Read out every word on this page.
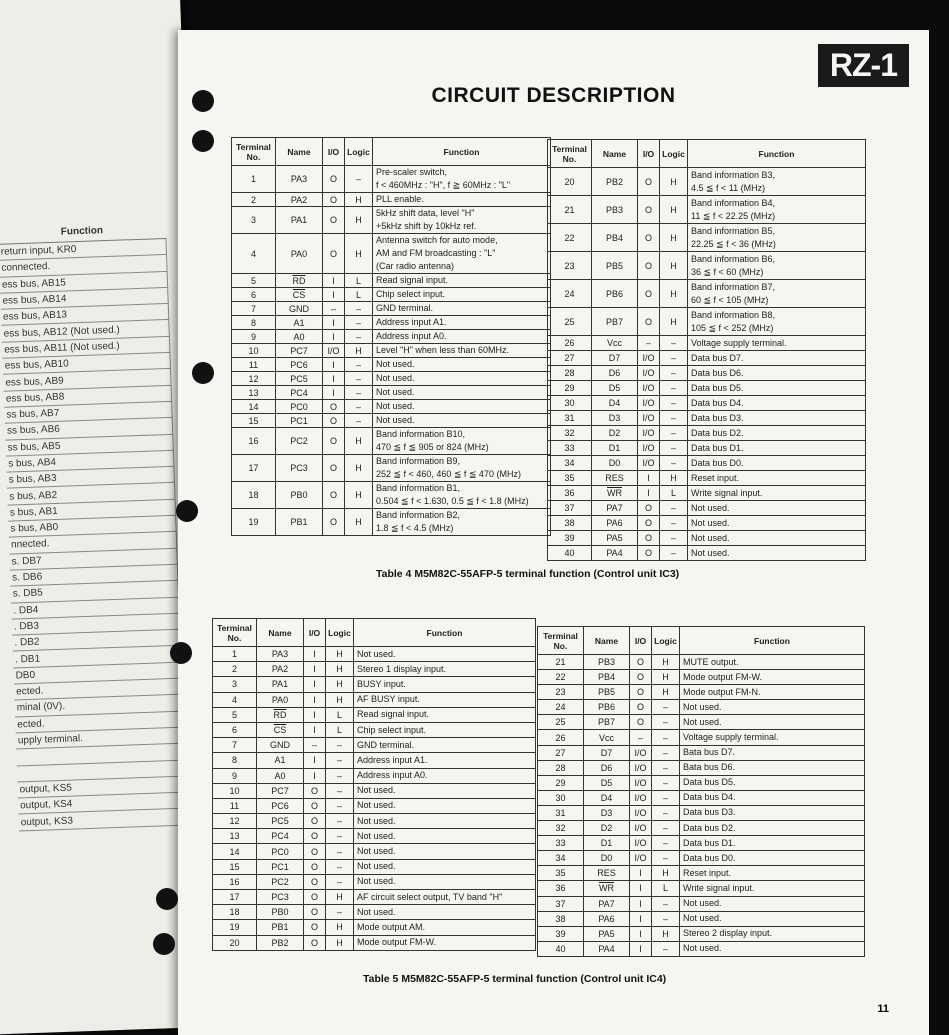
Function
return input, KR0
connected.
ess bus, AB15
ess bus, AB14
ess bus, AB13
ess bus, AB12 (Not used.)
ess bus, AB11 (Not used.)
ess bus, AB10
ess bus, AB9
ess bus, AB8
ss bus, AB7
ss bus, AB6
ss bus, AB5
s bus, AB4
s bus, AB3
s bus, AB2
s bus, AB1
s bus, AB0
nnected.
s. DB7
s. DB6
s. DB5
. DB4
. DB3
. DB2
. DB1
DB0
ected.
minal (0V).
ected.
upply terminal.

output, KS5
output, KS4
output, KS3
RZ-1
CIRCUIT DESCRIPTION
Terminal
No.	Name	I/O	Logic	Function
1	PA3	O	–	Pre-scaler switch,
f < 460MHz : "H", f ≧ 60MHz : "L"

2	PA2	O	H	PLL enable.

3	PA1	O	H	5kHz shift data, level "H"
+5kHz shift by 10kHz ref.

4	PA0	O	H	Antenna switch for auto mode,
AM and FM broadcasting : "L"
(Car radio antenna)

5	$\overline{RD}$	I	L	Read signal input.

6	$\overline{CS}$	I	L	Chip select input.

7	GND	–	–	GND terminal.

8	A1	I	–	Address input A1.

9	A0	I	–	Address input A0.

10	PC7	I/O	H	Level "H" when less than 60MHz.

11	PC6	I	–	Not used.

12	PC5	I	–	Not used.

13	PC4	I	–	Not used.

14	PC0	O	–	Not used.

15	PC1	O	–	Not used.

16	PC2	O	H	Band information B10,
470 ≦ f ≦ 905 or 824 (MHz)

17	PC3	O	H	Band information B9,
252 ≦ f < 460, 460 ≦ f ≦ 470 (MHz)

18	PB0	O	H	Band information B1,
0.504 ≦ f < 1.630, 0.5 ≦ f < 1.8 (MHz)

19	PB1	O	H	Band information B2,
1.8 ≦ f < 4.5 (MHz)
Terminal
No.	Name	I/O	Logic	Function
20	PB2	O	H	Band information B3,
4.5 ≦ f < 11 (MHz)

21	PB3	O	H	Band information B4,
11 ≦ f < 22.25 (MHz)

22	PB4	O	H	Band information B5,
22.25 ≦ f < 36 (MHz)

23	PB5	O	H	Band information B6,
36 ≦ f < 60 (MHz)

24	PB6	O	H	Band information B7,
60 ≦ f < 105 (MHz)

25	PB7	O	H	Band information B8,
105 ≦ f < 252 (MHz)

26	Vcc	–	–	Voltage supply terminal.

27	D7	I/O	–	Data bus D7.

28	D6	I/O	–	Data bus D6.

29	D5	I/O	–	Data bus D5.

30	D4	I/O	–	Data bus D4.

31	D3	I/O	–	Data bus D3.

32	D2	I/O	–	Data bus D2.

33	D1	I/O	–	Data bus D1.

34	D0	I/O	–	Data bus D0.

35	RES	I	H	Reset input.

36	$\overline{WR}$	I	L	Write signal input.

37	PA7	O	–	Not used.

38	PA6	O	–	Not used.

39	PA5	O	–	Not used.

40	PA4	O	–	Not used.
Table 4 M5M82C-55AFP-5 terminal function (Control unit IC3)
Terminal
No.	Name	I/O	Logic	Function
1	PA3	I	H	Not used.

2	PA2	I	H	Stereo 1 display input.

3	PA1	I	H	BUSY input.

4	PA0	I	H	AF BUSY input.

5	$\overline{RD}$	I	L	Read signal input.

6	$\overline{CS}$	I	L	Chip select input.

7	GND	–	–	GND terminal.

8	A1	I	–	Address input A1.

9	A0	I	–	Address input A0.

10	PC7	O	–	Not used.

11	PC6	O	–	Not used.

12	PC5	O	–	Not used.

13	PC4	O	–	Not used.

14	PC0	O	–	Not used.

15	PC1	O	–	Not used.

16	PC2	O	–	Not used.

17	PC3	O	H	AF circuit select output, TV band "H"

18	PB0	O	–	Not used.

19	PB1	O	H	Mode output AM.

20	PB2	O	H	Mode output FM-W.
Terminal
No.	Name	I/O	Logic	Function
21	PB3	O	H	MUTE output.

22	PB4	O	H	Mode output FM-W.

23	PB5	O	H	Mode output FM-N.

24	PB6	O	–	Not used.

25	PB7	O	–	Not used.

26	Vcc	–	–	Voltage supply terminal.

27	D7	I/O	–	Bata bus D7.

28	D6	I/O	–	Bata bus D6.

29	D5	I/O	–	Data bus D5.

30	D4	I/O	–	Data bus D4.

31	D3	I/O	–	Data bus D3.

32	D2	I/O	–	Data bus D2.

33	D1	I/O	–	Data bus D1.

34	D0	I/O	–	Data bus D0.

35	RES	I	H	Reset input.

36	$\overline{WR}$	I	L	Write signal input.

37	PA7	I	–	Not used.

38	PA6	I	–	Not used.

39	PA5	I	H	Stereo 2 display input.

40	PA4	I	–	Not used.
Table 5 M5M82C-55AFP-5 terminal function (Control unit IC4)
11
